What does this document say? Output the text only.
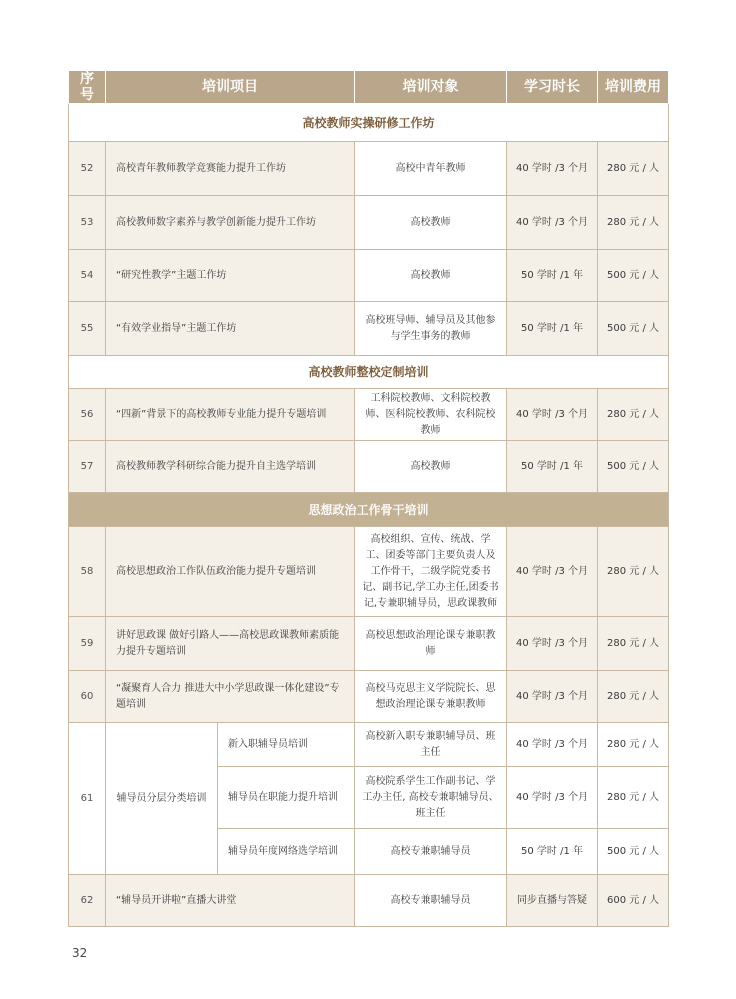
序号	培训项目		培训对象	学习时长	培训费用
高校教师实操研修工作坊					
52	高校青年教师教学竞赛能力提升工作坊		高校中青年教师	40 学时 /3 个月	280 元 / 人
53	高校教师数字素养与教学创新能力提升工作坊		高校教师	40 学时 /3 个月	280 元 / 人
54	“研究性教学”主题工作坊		高校教师	50 学时 /1 年	500 元 / 人
55	“有效学业指导”主题工作坊		高校班导师、辅导员及其他参与学生事务的教师	50 学时 /1 年	500 元 / 人
高校教师整校定制培训					
56	“四新”背景下的高校教师专业能力提升专题培训		工科院校教师、文科院校教师、医科院校教师、农科院校教师	40 学时 /3 个月	280 元 / 人
57	高校教师教学科研综合能力提升自主选学培训		高校教师	50 学时 /1 年	500 元 / 人
思想政治工作骨干培训					
58	高校思想政治工作队伍政治能力提升专题培训		高校组织、宣传、统战、学工、团委等部门主要负责人及工作骨干，二级学院党委书记、副书记,学工办主任,团委书记,专兼职辅导员，思政课教师	40 学时 /3 个月	280 元 / 人
59	讲好思政课 做好引路人——高校思政课教师素质能力提升专题培训		高校思想政治理论课专兼职教师	40 学时 /3 个月	280 元 / 人
60	“凝聚育人合力 推进大中小学思政课一体化建设”专题培训		高校马克思主义学院院长、思想政治理论课专兼职教师	40 学时 /3 个月	280 元 / 人
61	辅导员分层分类培训	新入职辅导员培训	高校新入职专兼职辅导员、班主任	40 学时 /3 个月	280 元 / 人
		辅导员在职能力提升培训	高校院系学生工作副书记、学工办主任, 高校专兼职辅导员、班主任	40 学时 /3 个月	280 元 / 人
		辅导员年度网络选学培训	高校专兼职辅导员	50 学时 /1 年	500 元 / 人
62	“辅导员开讲啦”直播大讲堂		高校专兼职辅导员	同步直播与答疑	600 元 / 人
32
